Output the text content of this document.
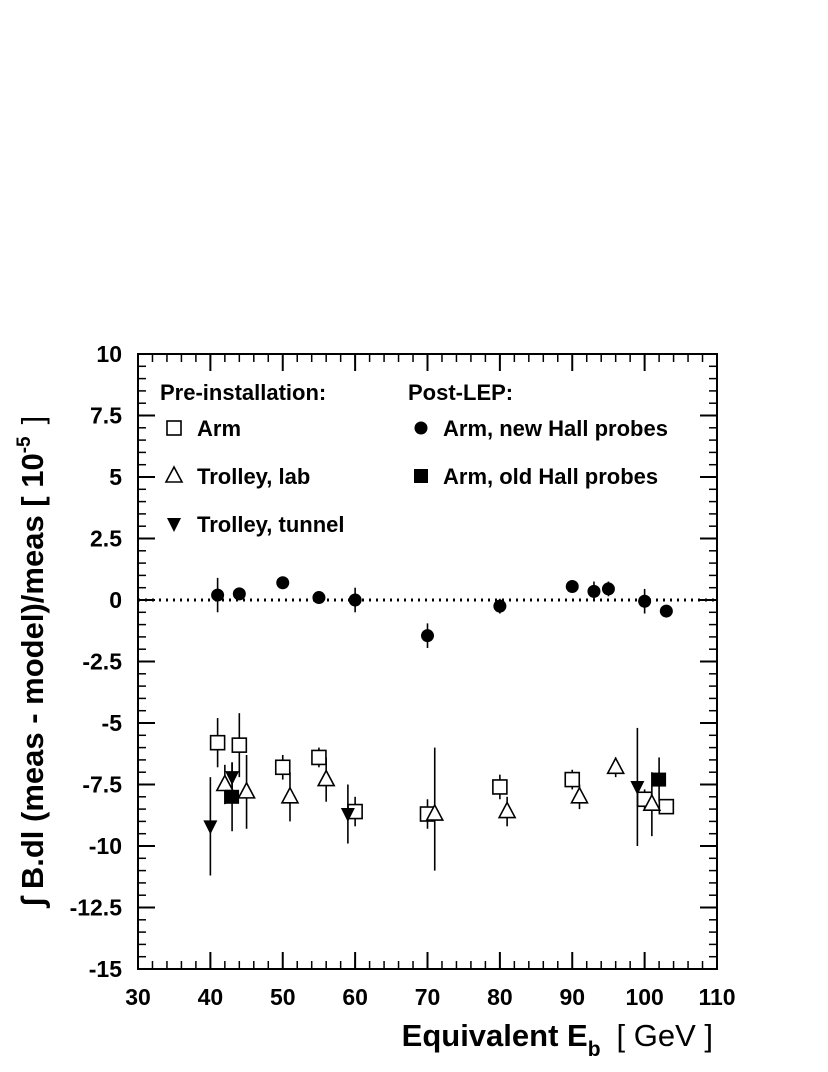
30 40 50 60 70 80 90 100 110
10
7.5
5
2.5
0
-2.5
-5
-7.5
-10
-12.5
-15
Pre-installation:	Post-LEP:
Arm
Trolley, lab
Trolley, tunnel
Arm, new Hall probes
Arm, old Hall probes
Equivalent $E_b$ [ GeV ]
∫ B.dl (meas - model)/meas [ $10^{-5}$]
